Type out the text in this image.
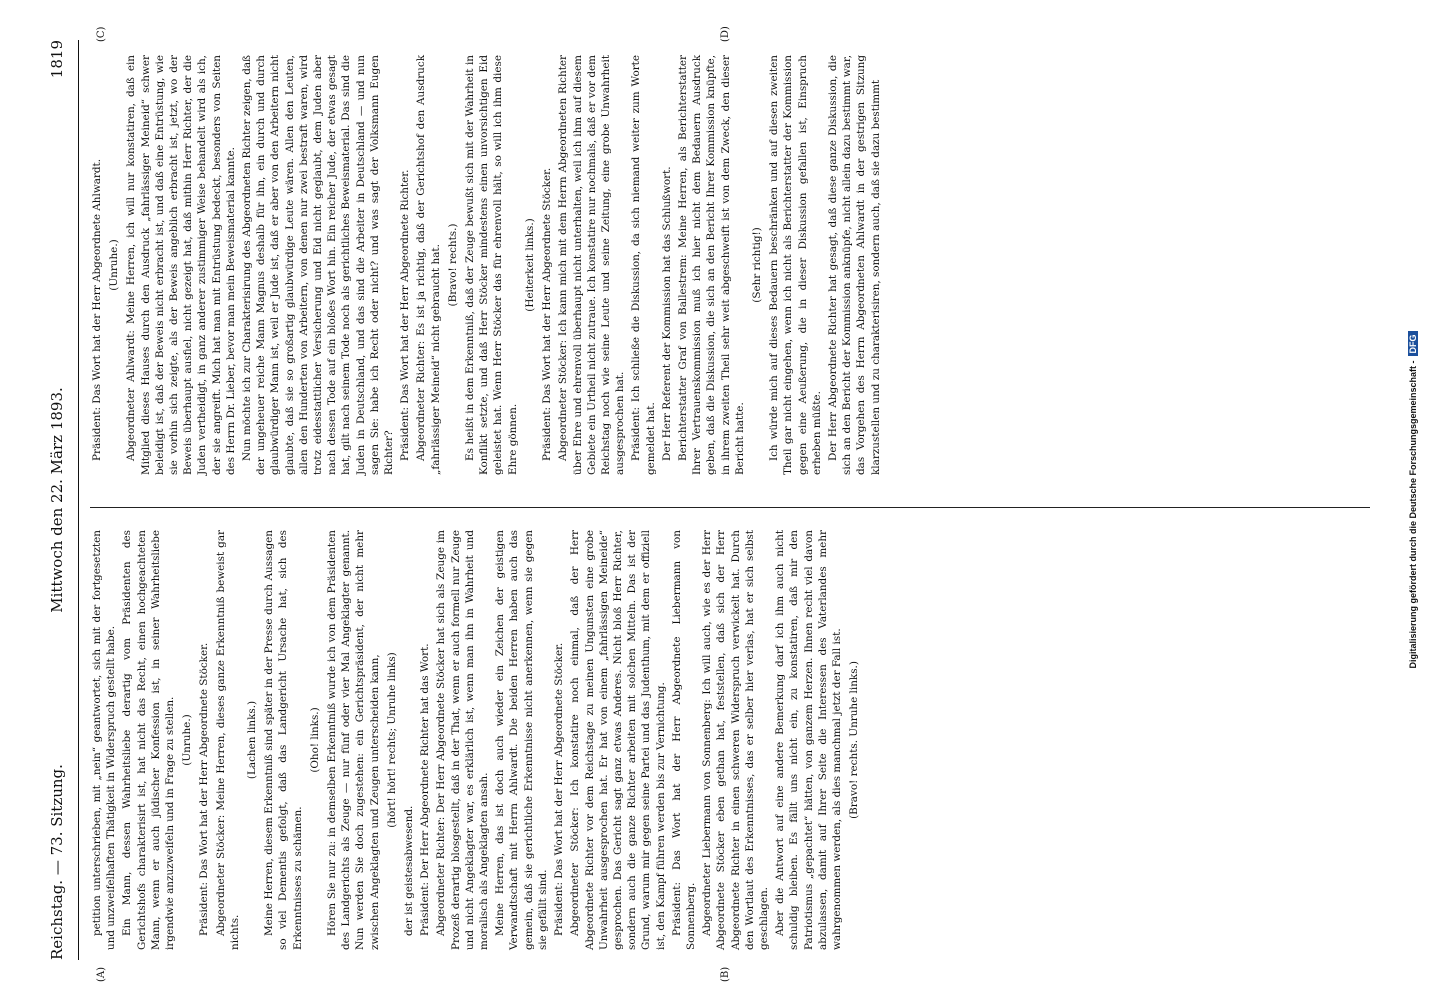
Reichstag. — 73. Sitzung.
Mittwoch den 22. März 1893.
1819

petition unterschrieben, mit „nein“ geantwortet, sich mit der fortgesetzten und unzweifelhaften Thätigkeit in Widerspruch gestellt habe. Ein Mann, dessen Wahrheitsliebe derartig vom Präsidenten des Gerichtshofs charakterisirt ist, hat nicht das Recht, einen hochgeachteten Mann, wenn er auch jüdischer Konfession ist, in seiner Wahrheitsliebe irgendwie anzuzweifeln und in Frage zu stellen. (Unruhe.) Präsident: Das Wort hat der Herr Abgeordnete Stöcker. Abgeordneter Stöcker: Meine Herren, dieses ganze Erkenntniß beweist gar nichts.

(Lachen links.) Meine Herren, diesem Erkenntniß sind später in der Presse durch Aussagen so viel Dementis gefolgt, daß das Landgericht Ursache hat, sich des Erkenntnisses zu schämen.

(Oho! links.) Hören Sie nur zu: in demselben Erkenntniß wurde ich von dem Präsidenten des Landgerichts als Zeuge — nur fünf oder vier Mal Angeklagter genannt. Nun werden Sie doch zugestehen: ein Gerichtspräsident, der nicht mehr zwischen Angeklagten und Zeugen unterscheiden kann, (hört! hört! rechts; Unruhe links)

der ist geistesabwesend. Präsident: Der Herr Abgeordnete Richter hat das Wort. Abgeordneter Richter: Der Herr Abgeordnete Stöcker hat sich als Zeuge im Prozeß derartig blosgestellt, daß in der That, wenn er auch formell nur Zeuge und nicht Angeklagter war, es erklärlich ist, wenn man ihn in Wahrheit und moralisch als Angeklagten ansah. Meine Herren, das ist doch auch wieder ein Zeichen der geistigen Verwandtschaft mit Herrn Ahlwardt. Die beiden Herren haben auch das gemein, daß sie gerichtliche Erkenntnisse nicht anerkennen, wenn sie gegen sie gefällt sind. Präsident: Das Wort hat der Herr Abgeordnete Stöcker. Abgeordneter Stöcker: Ich konstatire noch einmal, daß der Herr Abgeordnete Richter vor dem Reichstage zu meinen Ungunsten eine grobe Unwahrheit ausgesprochen hat. Er hat von einem „fahrlässigen Meineide“ gesprochen. Das Gericht sagt ganz etwas Anderes. Nicht bloß Herr Richter, sondern auch die ganze Richter arbeiten mit solchen Mitteln. Das ist der Grund, warum mir gegen seine Partei und das Judenthum, mit dem er offiziell ist, den Kampf führen werden bis zur Vernichtung. Präsident: Das Wort hat der Herr Abgeordnete Liebermann von Sonnenberg. Abgeordneter Liebermann von Sonnenberg: Ich will auch, wie es der Herr Abgeordnete Stöcker eben gethan hat, feststellen, daß sich der Herr Abgeordnete Richter in einen schweren Widerspruch verwickelt hat. Durch den Wortlaut des Erkenntnisses, das er selber hier verlas, hat er sich selbst geschlagen. Aber die Antwort auf eine andere Bemerkung darf ich ihm auch nicht schuldig bleiben. Es fällt uns nicht ein, zu konstatiren, daß mir den Patriotismus „gepachtet“ hätten, von ganzem Herzen. Ihnen recht viel davon abzulassen, damit auf Ihrer Seite die Interessen des Vaterlandes mehr wahrgenommen werden, als dies manchmal jetzt der Fall ist. (Bravo! rechts. Unruhe links.)

Präsident: Das Wort hat der Herr Abgeordnete Ahlwardt. (Unruhe.) Abgeordneter Ahlwardt: Meine Herren, ich will nur konstatiren, daß ein Mitglied dieses Hauses durch den Ausdruck „fahrlässiger Meineid“ schwer beleidigt ist, daß der Beweis nicht erbracht ist, und daß eine Entrüstung, wie sie vorhin sich zeigte, als der Beweis angeblich erbracht ist, jetzt, wo der Beweis überhaupt ausfiel, nicht gezeigt hat, daß mithin Herr Richter, der die Juden vertheidigt, in ganz anderer zustimmiger Weise behandelt wird als ich, der sie angreift. Mich hat man mit Entrüstung bedeckt, besonders von Seiten des Herrn Dr. Lieber, bevor man mein Beweismaterial kannte. Nun möchte ich zur Charakterisirung des Abgeordneten Richter zeigen, daß der ungeheuer reiche Mann Magnus deshalb für ihn, ein durch und durch glaubwürdiger Mann ist, weil er Jude ist, daß er aber von den Arbeitern nicht glaubte, daß sie so großartig glaubwürdige Leute wären. Allen den Leuten, allen den Hunderten von Arbeitern, von denen nur zwei bestraft waren, wird trotz eidesstattlicher Versicherung und Eid nicht geglaubt, dem Juden aber nach dessen Tode auf ein bloßes Wort hin. Ein reicher Jude, der etwas gesagt hat, gilt nach seinem Tode noch als gerichtliches Beweismaterial. Das sind die Juden in Deutschland, und das sind die Arbeiter in Deutschland — und nun sagen Sie: habe ich Recht oder nicht? und was sagt der Volksmann Eugen Richter? Präsident: Das Wort hat der Herr Abgeordnete Richter. Abgeordneter Richter: Es ist ja richtig, daß der Gerichtshof den Ausdruck „fahrlässiger Meineid“ nicht gebraucht hat. (Bravo! rechts.) Es heißt in dem Erkenntniß, daß der Zeuge bewußt sich mit der Wahrheit in Konflikt setzte, und daß Herr Stöcker mindestens einen unvorsichtigen Eid geleistet hat. Wenn Herr Stöcker das für ehrenvoll hält, so will ich ihm diese Ehre gönnen.

(Heiterkeit links.) Präsident: Das Wort hat der Herr Abgeordnete Stöcker. Abgeordneter Stöcker: Ich kann mich mit dem Herrn Abgeordneten Richter über Ehre und ehrenvoll überhaupt nicht unterhalten, weil ich ihm auf diesem Gebiete ein Urtheil nicht zutraue. Ich konstatire nur nochmals, daß er vor dem Reichstag noch wie seine Leute und seine Zeitung, eine grobe Unwahrheit ausgesprochen hat. Präsident: Ich schließe die Diskussion, da sich niemand weiter zum Worte gemeldet hat. Der Herr Referent der Kommission hat das Schlußwort. Berichterstatter Graf von Ballestrem: Meine Herren, als Berichterstatter Ihrer Vertrauenskommission muß ich hier nicht dem Bedauern Ausdruck geben, daß die Diskussion, die sich an den Bericht Ihrer Kommission knüpfte, in ihrem zweiten Theil sehr weit abgeschweift ist von dem Zweck, den dieser Bericht hatte.

(Sehr richtig!) Ich würde mich auf dieses Bedauern beschränken und auf diesen zweiten Theil gar nicht eingehen, wenn ich nicht als Berichterstatter der Kommission gegen eine Aeußerung, die in dieser Diskussion gefallen ist, Einspruch erheben müßte. Der Herr Abgeordnete Richter hat gesagt, daß diese ganze Diskussion, die sich an den Bericht der Kommission anknüpfe, nicht allein dazu bestimmt war, das Vorgehen des Herrn Abgeordneten Ahlwardt in der gestrigen Sitzung klarzustellen und zu charakterisiren, sondern auch, daß sie dazu bestimmt

(A)	(B)
(C)	(D)
Digitalisierung gefördert durch die Deutsche Forschungsgemeinschaft -DFG
